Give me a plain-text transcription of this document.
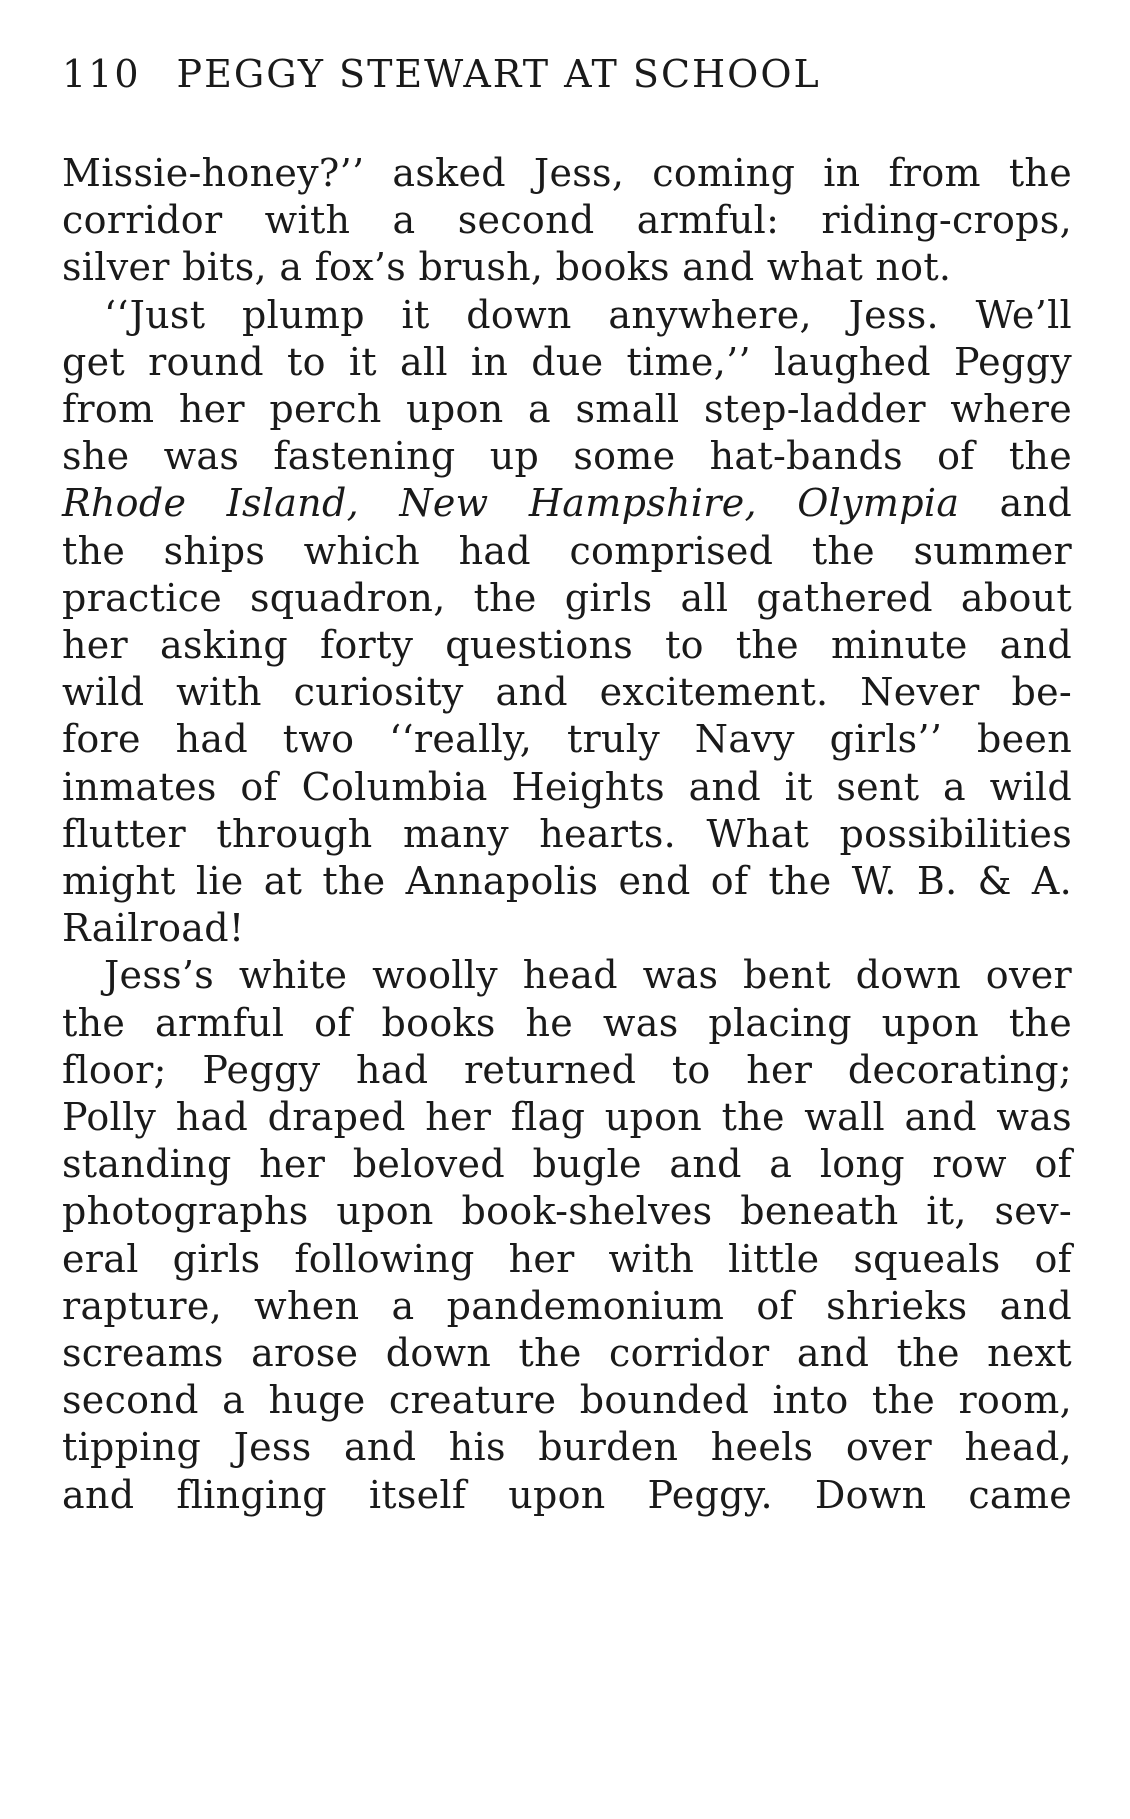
110 PEGGY STEWART AT SCHOOL
Missie-honey?’’ asked Jess, coming in from the
corridor with a second armful: riding-crops,
silver bits, a fox’s brush, books and what not.
‘‘Just plump it down anywhere, Jess. We’ll
get round to it all in due time,’’ laughed Peggy
from her perch upon a small step-ladder where
she was fastening up some hat-bands of the
Rhode Island, New Hampshire, Olympia and
the ships which had comprised the summer
practice squadron, the girls all gathered about
her asking forty questions to the minute and
wild with curiosity and excitement. Never be-
fore had two ‘‘really, truly Navy girls’’ been
inmates of Columbia Heights and it sent a wild
flutter through many hearts. What possibilities
might lie at the Annapolis end of the W. B. & A.
Railroad!
Jess’s white woolly head was bent down over
the armful of books he was placing upon the
floor; Peggy had returned to her decorating;
Polly had draped her flag upon the wall and was
standing her beloved bugle and a long row of
photographs upon book-shelves beneath it, sev-
eral girls following her with little squeals of
rapture, when a pandemonium of shrieks and
screams arose down the corridor and the next
second a huge creature bounded into the room,
tipping Jess and his burden heels over head,
and flinging itself upon Peggy. Down came
